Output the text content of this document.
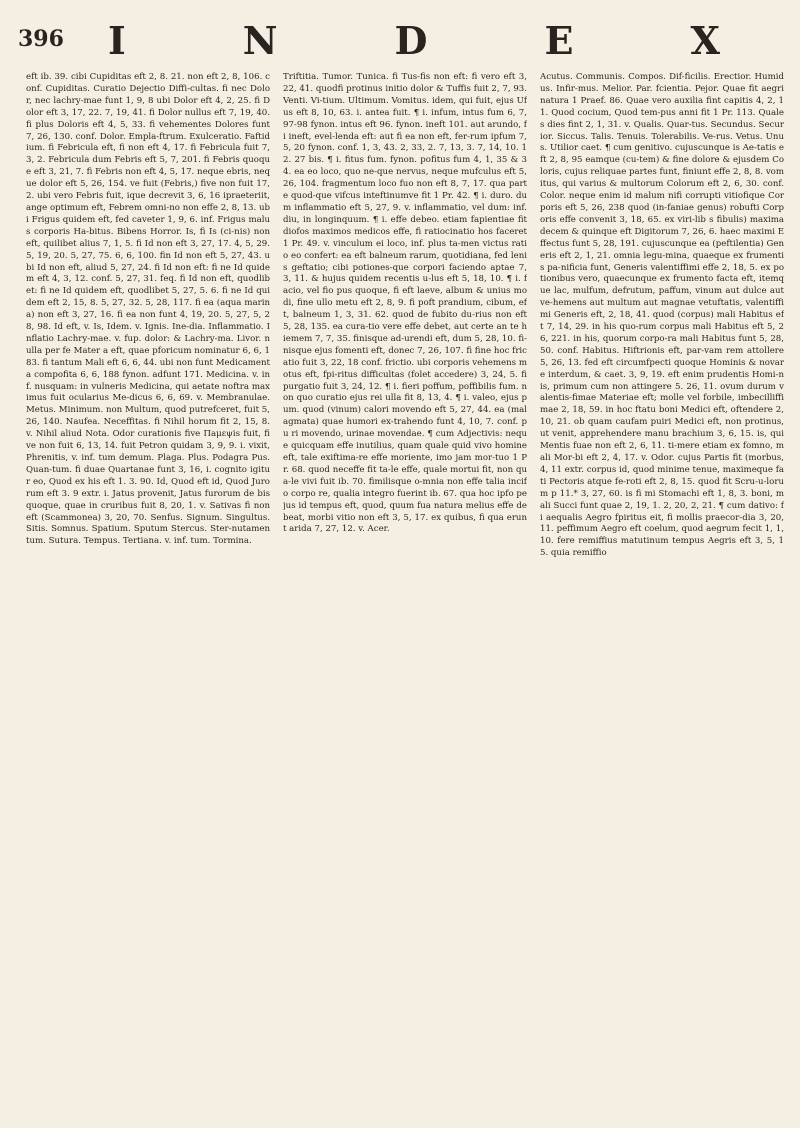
396 I	N	D	E	X

eft ib. 39. cibi Cupiditas eft 2, 8. 21. non eft 2, 8, 106. conf. Cupiditas. Curatio Dejectio Diffi-cultas. fi nec Dolor, nec lachry-mae funt 1, 9, 8 ubi Dolor eft 4, 2, 25. fi Dolor eft 3, 17, 22. 7, 19, 41. fi Dolor nullus eft 7, 19, 40. fi plus Doloris eft 4, 5, 33. fi vehementes Dolores funt 7, 26, 130. conf. Dolor. Empla-ftrum. Exulceratio. Faftidium. fi Febricula eft, fi non eft 4, 17. fi Febricula fuit 7, 3, 2. Febricula dum Febris eft 5, 7, 201. fi Febris quoque eft 3, 21, 7. fi Febris non eft 4, 5, 17. neque ebris, neque dolor eft 5, 26, 154. ve fuit (Febris,) five non fuit 17, 2. ubi vero Febris fuit, ique decrevit 3, 6, 16 ipraeteriit, ange optimum eft, Febrem omni-no non effe 2, 8, 13. ubi Frigus quidem eft, fed caveter 1, 9, 6. inf. Frigus malus corporis Ha-bitus. Bibens Horror. Is, fi Is (ci-nis) non eft, quilibet alius 7, 1, 5. fi Id non eft 3, 27, 17. 4, 5, 29. 5, 19, 20. 5, 27, 75. 6, 6, 100. fin Id non eft 5, 27, 43. ubi Id non eft, aliud 5, 27, 24. fi Id non eft: fi ne Id quidem eft 4, 3, 12. conf. 5, 27, 31. feq. fi Id non eft, quodlibet: fi ne Id quidem eft, quodlibet 5, 27, 5. 6. fi ne Id quidem eft 2, 15, 8. 5, 27, 32. 5, 28, 117. fi ea (aqua marina) non eft 3, 27, 16. fi ea non funt 4, 19, 20. 5, 27, 5, 28, 98. Id eft, v. Is, Idem. v. Ignis. Ine-dia. Inflammatio. Inflatio Lachry-mae. v. fup. dolor: & Lachry-ma. Livor. nulla per fe Mater a eft, quae pforicum nominatur 6, 6, 183. fi tantum Mali eft 6, 6, 44. ubi non funt Medicamenta compofita 6, 6, 188 fynon. adfunt 171. Medicina. v. inf. nusquam: in vulneris Medicina, qui aetate noftra maximus fuit ocularius Me-dicus 6, 6, 69. v. Membranulae. Metus. Minimum. non Multum, quod putrefceret, fuit 5, 26, 140. Naufea. Neceffitas. fi Nihil horum fit 2, 15, 8. v. Nihil aliud Nota. Odor curationis five Πaμεψis fuit, five non fuit 6, 13, 14. fuit Petron quidam 3, 9, 9. i. vixit, Phrenitis, v. inf. tum demum. Plaga. Plus. Podagra Pus. Quan-tum. fi duae Quartanae funt 3, 16, i. cognito igitur eo, Quod ex his eft 1. 3. 90. Id, Quod eft id, Quod Jurorum eft 3. 9 extr. i. Jatus provenit, Jatus furorum de bis quoque, quae in cruribus fuit 8, 20, 1. v. Sativas fi non eft (Scammonea) 3, 20, 70. Senfus. Signum. Singultus. Sitis. Somnus. Spatium. Sputum Stercus. Ster-nutamentum. Sutura. Tempus. Tertiana. v. inf. tum. Tormina.

Triftitia. Tumor. Tunica. fi Tus-fis non eft: fi vero eft 3, 22, 41. quodfi protinus initio dolor & Tuffis fuit 2, 7, 93. Venti. Vi-tium. Ultimum. Vomitus. idem, qui fuit, ejus Ufus eft 8, 10, 63. i. antea fuit. ¶ i. infum, intus fum 6, 7, 97-98 fynon. intus eft 96. fynon. ineft 101. aut arundo, fi ineft, evel-lenda eft: aut fi ea non eft, fer-rum ipfum 7, 5, 20 fynon. conf. 1, 3, 43. 2, 33, 2. 7, 13, 3. 7, 14, 10. 12. 27 bis. ¶ i. fitus fum. fynon. pofitus fum 4, 1, 35 & 34. ea eo loco, quo ne-que nervus, neque mufculus eft 5, 26, 104. fragmentum loco fuo non eft 8, 7, 17. qua parte quod-que vifcus inteftinumve fit 1 Pr. 42. ¶ i. duro. dum inflammatio eft 5, 27, 9. v. inflammatio, vel dum: inf. diu, in longinquum. ¶ i. effe debeo. etiam fapientiae fit diofos maximos medicos effe, fi ratiocinatio hos faceret 1 Pr. 49. v. vinculum ei loco, inf. plus ta-men victus ratio eo confert: ea eft balneum rarum, quotidiana, fed lenis geftatio; cibi potiones-que corpori faciendo aptae 7, 3, 11. & hujus quidem recentis u-lus eft 5, 18, 10. ¶ i. facio, vel fio pus quoque, fi eft laeve, album & unius modi, fine ullo metu eft 2, 8, 9. fi poft prandium, cibum, eft, balneum 1, 3, 31. 62. quod de fubito du-rius non eft 5, 28, 135. ea cura-tio vere effe debet, aut certe an te hiemem 7, 7, 35. finisque ad-urendi eft, dum 5, 28, 10. fi-nisque ejus fomenti eft, donec 7, 26, 107. fi fine hoc fricatio fuit 3, 22, 18 conf. frictio. ubi corporis vehemens motus eft, fpi-ritus difficultas (folet accedere) 3, 24, 5. fi purgatio fuit 3, 24, 12. ¶ i. fieri poffum, poffibilis fum. non quo curatio ejus rei ulla fit 8, 13, 4. ¶ i. valeo, ejus pum. quod (vinum) calori movendo eft 5, 27, 44. ea (malagmata) quae humori ex-trahendo funt 4, 10, 7. conf. pu ri movendo, urinae movendae. ¶ cum Adjectivis: neque quicquam effe inutilius, quam quale quid vivo homine eft, tale exiftima-re effe moriente, imo jam mor-tuo 1 Pr. 68. quod neceffe fit ta-le effe, quale mortui fit, non qua-le vivi fuit ib. 70. fimilisque o-mnia non effe talia incifo corpo re, qualia integro fuerint ib. 67. qua hoc ipfo pejus id tempus eft, quod, quum fua natura melius effe debeat, morbi vitio non eft 3, 5, 17. ex quibus, fi qua erunt arida 7, 27, 12. v. Acer.

Acutus. Communis. Compos. Dif-ficilis. Erectior. Humidus. Infir-mus. Melior. Par. fcientia. Pejor. Quae fit aegri natura 1 Praef. 86. Quae vero auxilia fint capitis 4, 2, 11. Quod cocium, Quod tem-pus anni fit 1 Pr. 113. Quales dies fint 2, 1, 31. v. Qualis. Quar-tus. Secundus. Securior. Siccus. Talis. Tenuis. Tolerabilis. Ve-rus. Vetus. Unus. Utilior caet. ¶ cum genitivo. cujuscunque is Ae-tatis eft 2, 8, 95 eamque (cu-tem) & fine dolore & ejusdem Coloris, cujus reliquae partes funt, finiunt effe 2, 8, 8. vomitus, qui varius & multorum Colorum eft 2, 6, 30. conf. Color. neque enim id malum nifi corrupti vitiofique Corporis eft 5, 26, 238 quod (in-faniae genus) robufti Corporis effe convenit 3, 18, 65. ex viri-lib s fibulis) maxima decem & quinque eft Digitorum 7, 26, 6. haec maximi Effectus funt 5, 28, 191. cujuscunque ea (peftilentia) Generis eft 2, 1, 21. omnia legu-mina, quaeque ex frumentis pa-nificia funt, Generis valentiffimi effe 2, 18, 5. ex potionibus vero, quaecunque ex frumento facta eft, itemque lac, mulfum, defrutum, paffum, vinum aut dulce aut ve-hemens aut multum aut magnae vetuftatis, valentiffimi Generis eft, 2, 18, 41. quod (corpus) mali Habitus eft 7, 14, 29. in his quo-rum corpus mali Habitus eft 5, 26, 221. in his, quorum corpo-ra mali Habitus funt 5, 28, 50. conf. Habitus. Hiftrionis eft, par-vam rem attollere 5, 26, 13. fed eft circumfpecti quoque Hominis & novare interdum, & caet. 3, 9, 19. eft enim prudentis Homi-nis, primum cum non attingere 5. 26, 11. ovum durum valentis-fimae Materiae eft; molle vel forbile, imbecilliffimae 2, 18, 59. in hoc ftatu boni Medici eft, oftendere 2, 10, 21. ob quam caufam puiri Medici eft, non protinus, ut venit, apprehendere manu brachium 3, 6, 15. is, qui Mentis fuae non eft 2, 6, 11. ti-mere etiam ex fomno, mali Mor-bi eft 2, 4, 17. v. Odor. cujus Partis fit (morbus, 4, 11 extr. corpus id, quod minime tenue, maximeque fati Pectoris atque fe-roti eft 2, 8, 15. quod fit Scru-u-lorum p 11.* 3, 27, 60. is fi mi Stomachi eft 1, 8, 3. boni, mali Succi funt quae 2, 19, 1. 2, 20, 2, 21. ¶ cum dativo: fi aequalis Aegro fpiritus eit, fi mollis praecor-dia 3, 20, 11. peffimum Aegro eft coelum, quod aegrum fecit 1, 1, 10. fere remiffius matutinum tempus Aegris eft 3, 5, 15. quia remiffio
